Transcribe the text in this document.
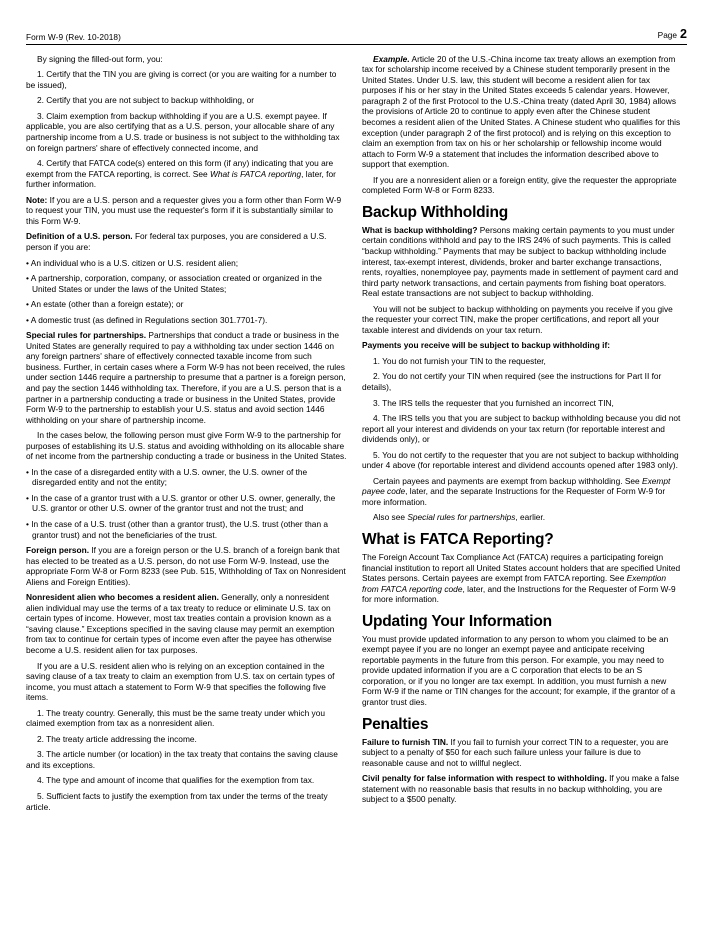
Form W-9 (Rev. 10-2018)	Page 2

By signing the filled-out form, you:

1. Certify that the TIN you are giving is correct (or you are waiting for a number to be issued),

2. Certify that you are not subject to backup withholding, or

3. Claim exemption from backup withholding if you are a U.S. exempt payee. If applicable, you are also certifying that as a U.S. person, your allocable share of any partnership income from a U.S. trade or business is not subject to the withholding tax on foreign partners' share of effectively connected income, and

4. Certify that FATCA code(s) entered on this form (if any) indicating that you are exempt from the FATCA reporting, is correct. See What is FATCA reporting, later, for further information.

Note: If you are a U.S. person and a requester gives you a form other than Form W-9 to request your TIN, you must use the requester's form if it is substantially similar to this Form W-9.

Definition of a U.S. person. For federal tax purposes, you are considered a U.S. person if you are:

• An individual who is a U.S. citizen or U.S. resident alien;

• A partnership, corporation, company, or association created or organized in the United States or under the laws of the United States;

• An estate (other than a foreign estate); or

• A domestic trust (as defined in Regulations section 301.7701-7).

Special rules for partnerships. Partnerships that conduct a trade or business in the United States are generally required to pay a withholding tax under section 1446 on any foreign partners' share of effectively connected taxable income from such business. Further, in certain cases where a Form W-9 has not been received, the rules under section 1446 require a partnership to presume that a partner is a foreign person, and pay the section 1446 withholding tax. Therefore, if you are a U.S. person that is a partner in a partnership conducting a trade or business in the United States, provide Form W-9 to the partnership to establish your U.S. status and avoid section 1446 withholding on your share of partnership income.

In the cases below, the following person must give Form W-9 to the partnership for purposes of establishing its U.S. status and avoiding withholding on its allocable share of net income from the partnership conducting a trade or business in the United States.

• In the case of a disregarded entity with a U.S. owner, the U.S. owner of the disregarded entity and not the entity;

• In the case of a grantor trust with a U.S. grantor or other U.S. owner, generally, the U.S. grantor or other U.S. owner of the grantor trust and not the trust; and

• In the case of a U.S. trust (other than a grantor trust), the U.S. trust (other than a grantor trust) and not the beneficiaries of the trust.

Foreign person. If you are a foreign person or the U.S. branch of a foreign bank that has elected to be treated as a U.S. person, do not use Form W-9. Instead, use the appropriate Form W-8 or Form 8233 (see Pub. 515, Withholding of Tax on Nonresident Aliens and Foreign Entities).

Nonresident alien who becomes a resident alien. Generally, only a nonresident alien individual may use the terms of a tax treaty to reduce or eliminate U.S. tax on certain types of income. However, most tax treaties contain a provision known as a “saving clause.” Exceptions specified in the saving clause may permit an exemption from tax to continue for certain types of income even after the payee has otherwise become a U.S. resident alien for tax purposes.

If you are a U.S. resident alien who is relying on an exception contained in the saving clause of a tax treaty to claim an exemption from U.S. tax on certain types of income, you must attach a statement to Form W-9 that specifies the following five items.

1. The treaty country. Generally, this must be the same treaty under which you claimed exemption from tax as a nonresident alien.

2. The treaty article addressing the income.

3. The article number (or location) in the tax treaty that contains the saving clause and its exceptions.

4. The type and amount of income that qualifies for the exemption from tax.

5. Sufficient facts to justify the exemption from tax under the terms of the treaty article.

Example. Article 20 of the U.S.-China income tax treaty allows an exemption from tax for scholarship income received by a Chinese student temporarily present in the United States. Under U.S. law, this student will become a resident alien for tax purposes if his or her stay in the United States exceeds 5 calendar years. However, paragraph 2 of the first Protocol to the U.S.-China treaty (dated April 30, 1984) allows the provisions of Article 20 to continue to apply even after the Chinese student becomes a resident alien of the United States. A Chinese student who qualifies for this exception (under paragraph 2 of the first protocol) and is relying on this exception to claim an exemption from tax on his or her scholarship or fellowship income would attach to Form W-9 a statement that includes the information described above to support that exemption.

If you are a nonresident alien or a foreign entity, give the requester the appropriate completed Form W-8 or Form 8233.

Backup Withholding

What is backup withholding? Persons making certain payments to you must under certain conditions withhold and pay to the IRS 24% of such payments. This is called “backup withholding.” Payments that may be subject to backup withholding include interest, tax-exempt interest, dividends, broker and barter exchange transactions, rents, royalties, nonemployee pay, payments made in settlement of payment card and third party network transactions, and certain payments from fishing boat operators. Real estate transactions are not subject to backup withholding.

You will not be subject to backup withholding on payments you receive if you give the requester your correct TIN, make the proper certifications, and report all your taxable interest and dividends on your tax return.

Payments you receive will be subject to backup withholding if:

1. You do not furnish your TIN to the requester,

2. You do not certify your TIN when required (see the instructions for Part II for details),

3. The IRS tells the requester that you furnished an incorrect TIN,

4. The IRS tells you that you are subject to backup withholding because you did not report all your interest and dividends on your tax return (for reportable interest and dividends only), or

5. You do not certify to the requester that you are not subject to backup withholding under 4 above (for reportable interest and dividend accounts opened after 1983 only).

Certain payees and payments are exempt from backup withholding. See Exempt payee code, later, and the separate Instructions for the Requester of Form W-9 for more information.

Also see Special rules for partnerships, earlier.

What is FATCA Reporting?

The Foreign Account Tax Compliance Act (FATCA) requires a participating foreign financial institution to report all United States account holders that are specified United States persons. Certain payees are exempt from FATCA reporting. See Exemption from FATCA reporting code, later, and the Instructions for the Requester of Form W-9 for more information.

Updating Your Information

You must provide updated information to any person to whom you claimed to be an exempt payee if you are no longer an exempt payee and anticipate receiving reportable payments in the future from this person. For example, you may need to provide updated information if you are a C corporation that elects to be an S corporation, or if you no longer are tax exempt. In addition, you must furnish a new Form W-9 if the name or TIN changes for the account; for example, if the grantor of a grantor trust dies.

Penalties

Failure to furnish TIN. If you fail to furnish your correct TIN to a requester, you are subject to a penalty of $50 for each such failure unless your failure is due to reasonable cause and not to willful neglect.

Civil penalty for false information with respect to withholding. If you make a false statement with no reasonable basis that results in no backup withholding, you are subject to a $500 penalty.
